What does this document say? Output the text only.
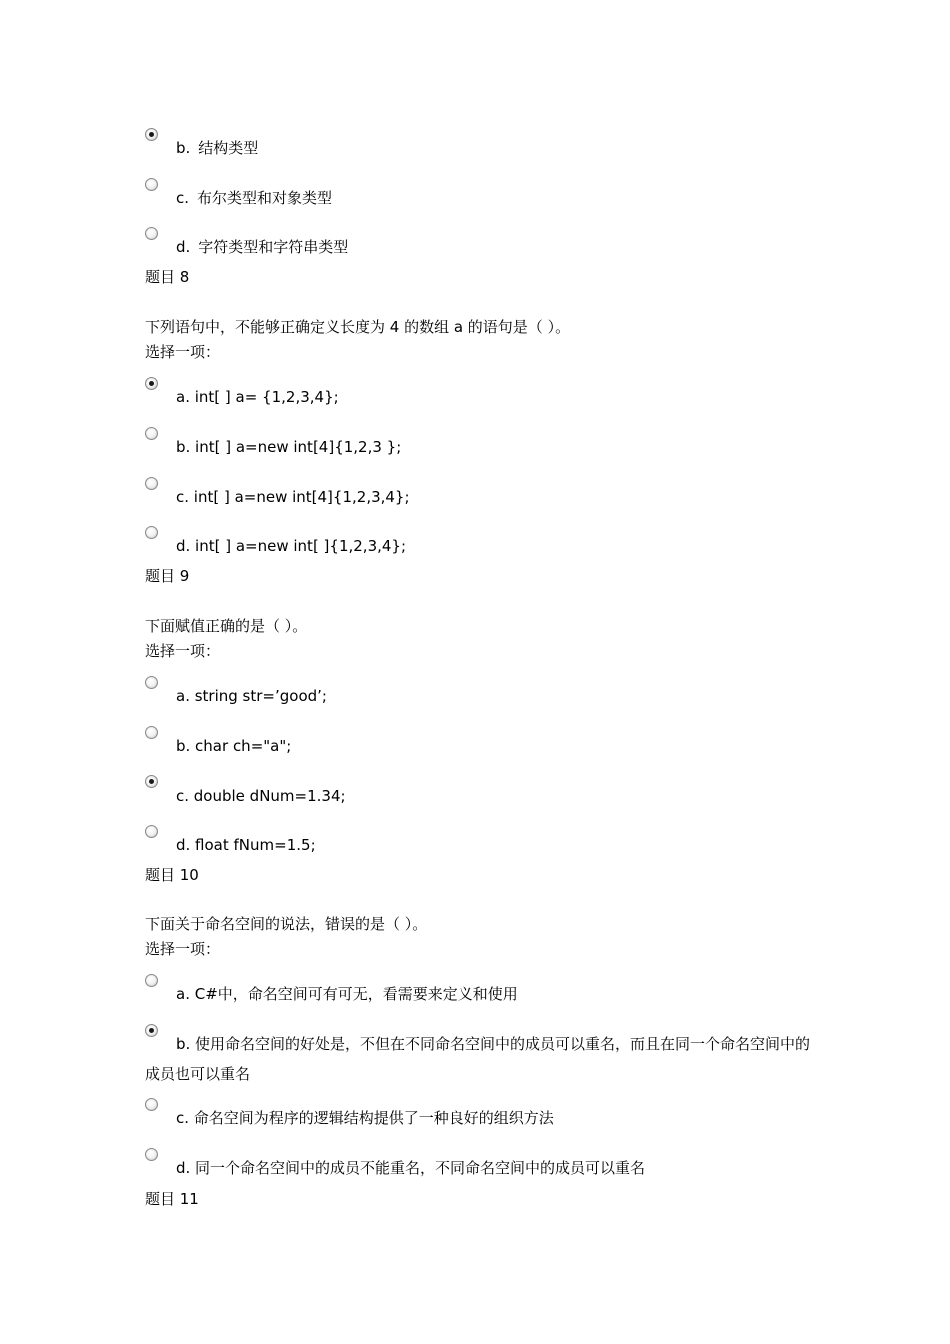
b. 结构类型
c. 布尔类型和对象类型
d. 字符类型和字符串类型
题目 8
下列语句中，不能够正确定义长度为 4 的数组 a 的语句是（ ）。
选择一项：
a. int[ ] a= {1,2,3,4};
b. int[ ] a=new int[4]{1,2,3 };
c. int[ ] a=new int[4]{1,2,3,4};
d. int[ ] a=new int[ ]{1,2,3,4};
题目 9
下面赋值正确的是（ ）。
选择一项：
a. string str=’good’;
b. char ch="a";
c. double dNum=1.34;
d. float fNum=1.5;
题目 10
下面关于命名空间的说法，错误的是（ ）。
选择一项：
a. C#中，命名空间可有可无，看需要来定义和使用
b. 使用命名空间的好处是，不但在不同命名空间中的成员可以重名，而且在同一个命名空间中的成员也可以重名
c. 命名空间为程序的逻辑结构提供了一种良好的组织方法
d. 同一个命名空间中的成员不能重名，不同命名空间中的成员可以重名
题目 11
